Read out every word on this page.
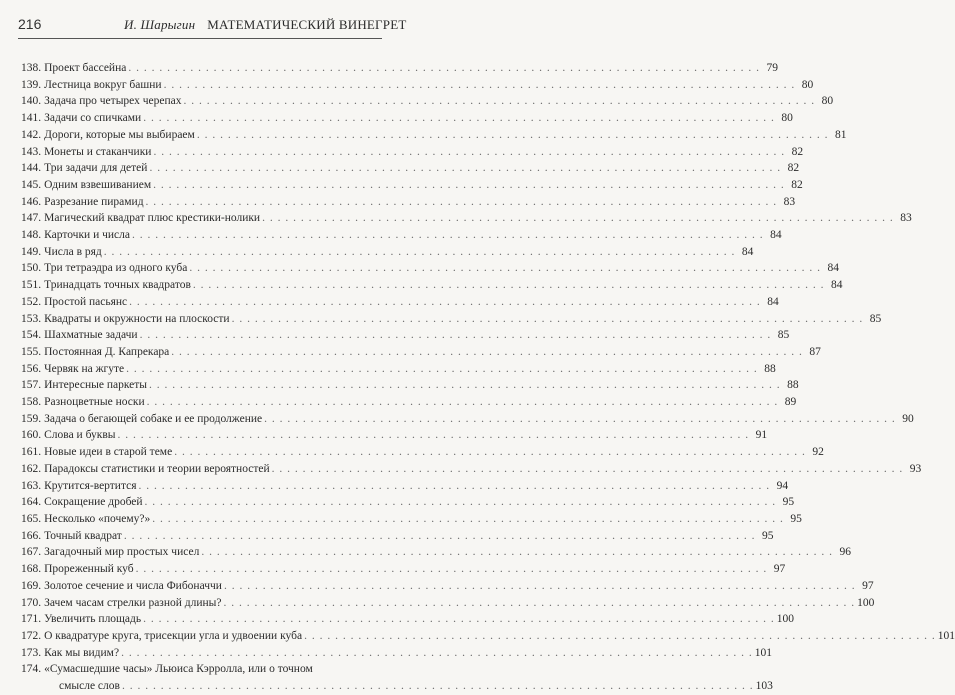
216	И. Шарыгин МАТЕМАТИЧЕСКИЙ ВИНЕГРЕТ
138. Проект бассейна . . .	79
139. Лестница вокруг башни . . .	80
140. Задача про четырех черепах . . .	80
141. Задачи со спичками . . .	80
142. Дороги, которые мы выбираем . . .	81
143. Монеты и стаканчики . . .	82
144. Три задачи для детей . . .	82
145. Одним взвешиванием . . .	82
146. Разрезание пирамид . . .	83
147. Магический квадрат плюс крестики-нолики . . .	83
148. Карточки и числа . . .	84
149. Числа в ряд . . .	84
150. Три тетраэдра из одного куба . . .	84
151. Тринадцать точных квадратов . . .	84
152. Простой пасьянс . . .	84
153. Квадраты и окружности на плоскости . . .	85
154. Шахматные задачи . . .	85
155. Постоянная Д. Капрекара . . .	87
156. Червяк на жгуте . . .	88
157. Интересные паркеты . . .	88
158. Разноцветные носки . . .	89
159. Задача о бегающей собаке и ее продолжение . . .	90
160. Слова и буквы . . .	91
161. Новые идеи в старой теме . . .	92
162. Парадоксы статистики и теории вероятностей . . .	93
163. Крутится-вертится . . .	94
164. Сокращение дробей . . .	95
165. Несколько «почему?» . . .	95
166. Точный квадрат . . .	95
167. Загадочный мир простых чисел . . .	96
168. Прореженный куб . . .	97
169. Золотое сечение и числа Фибоначчи . . .	97
170. Зачем часам стрелки разной длины? . . .	100
171. Увеличить площадь . . .	100
172. О квадратуре круга, трисекции угла и удвоении куба . . .	101
173. Как мы видим? . . .	101
174. «Сумасшедшие часы» Льюиса Кэрролла, или о точном
смысле слов . . .	103
